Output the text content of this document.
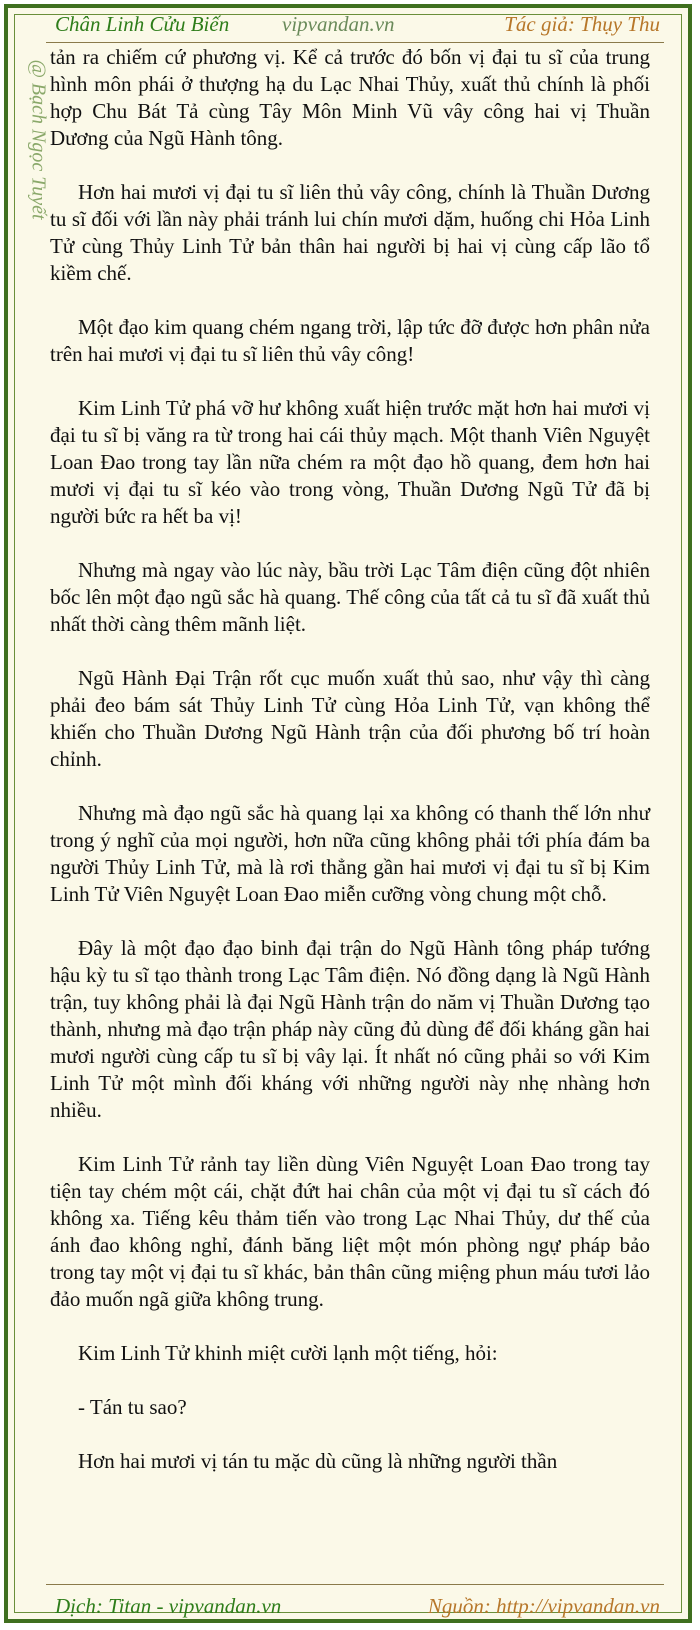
Chân Linh Cửu Biến	vipvandan.vn	Tác giả: Thụy Thu
@ Bạch Ngọc Tuyết

tản ra chiếm cứ phương vị. Kể cả trước đó bốn vị đại tu sĩ của trung hình môn phái ở thượng hạ du Lạc Nhai Thủy, xuất thủ chính là phối hợp Chu Bát Tả cùng Tây Môn Minh Vũ vây công hai vị Thuần Dương của Ngũ Hành tông.

Hơn hai mươi vị đại tu sĩ liên thủ vây công, chính là Thuần Dương tu sĩ đối với lần này phải tránh lui chín mươi dặm, huống chi Hỏa Linh Tử cùng Thủy Linh Tử bản thân hai người bị hai vị cùng cấp lão tổ kiềm chế.

Một đạo kim quang chém ngang trời, lập tức đỡ được hơn phân nửa trên hai mươi vị đại tu sĩ liên thủ vây công!

Kim Linh Tử phá vỡ hư không xuất hiện trước mặt hơn hai mươi vị đại tu sĩ bị văng ra từ trong hai cái thủy mạch. Một thanh Viên Nguyệt Loan Đao trong tay lần nữa chém ra một đạo hồ quang, đem hơn hai mươi vị đại tu sĩ kéo vào trong vòng, Thuần Dương Ngũ Tử đã bị người bức ra hết ba vị!

Nhưng mà ngay vào lúc này, bầu trời Lạc Tâm điện cũng đột nhiên bốc lên một đạo ngũ sắc hà quang. Thế công của tất cả tu sĩ đã xuất thủ nhất thời càng thêm mãnh liệt.

Ngũ Hành Đại Trận rốt cục muốn xuất thủ sao, như vậy thì càng phải đeo bám sát Thủy Linh Tử cùng Hỏa Linh Tử, vạn không thể khiến cho Thuần Dương Ngũ Hành trận của đối phương bố trí hoàn chỉnh.

Nhưng mà đạo ngũ sắc hà quang lại xa không có thanh thế lớn như trong ý nghĩ của mọi người, hơn nữa cũng không phải tới phía đám ba người Thủy Linh Tử, mà là rơi thẳng gần hai mươi vị đại tu sĩ bị Kim Linh Tử Viên Nguyệt Loan Đao miễn cưỡng vòng chung một chỗ.

Đây là một đạo đạo binh đại trận do Ngũ Hành tông pháp tướng hậu kỳ tu sĩ tạo thành trong Lạc Tâm điện. Nó đồng dạng là Ngũ Hành trận, tuy không phải là đại Ngũ Hành trận do năm vị Thuần Dương tạo thành, nhưng mà đạo trận pháp này cũng đủ dùng để đối kháng gần hai mươi người cùng cấp tu sĩ bị vây lại. Ít nhất nó cũng phải so với Kim Linh Tử một mình đối kháng với những người này nhẹ nhàng hơn nhiều.

Kim Linh Tử rảnh tay liền dùng Viên Nguyệt Loan Đao trong tay tiện tay chém một cái, chặt đứt hai chân của một vị đại tu sĩ cách đó không xa. Tiếng kêu thảm tiến vào trong Lạc Nhai Thủy, dư thế của ánh đao không nghỉ, đánh băng liệt một món phòng ngự pháp bảo trong tay một vị đại tu sĩ khác, bản thân cũng miệng phun máu tươi lảo đảo muốn ngã giữa không trung.

Kim Linh Tử khinh miệt cười lạnh một tiếng, hỏi:

- Tán tu sao?

Hơn hai mươi vị tán tu mặc dù cũng là những người thần

Dịch: Titan - vipvandan.vn	Nguồn: http://vipvandan.vn
